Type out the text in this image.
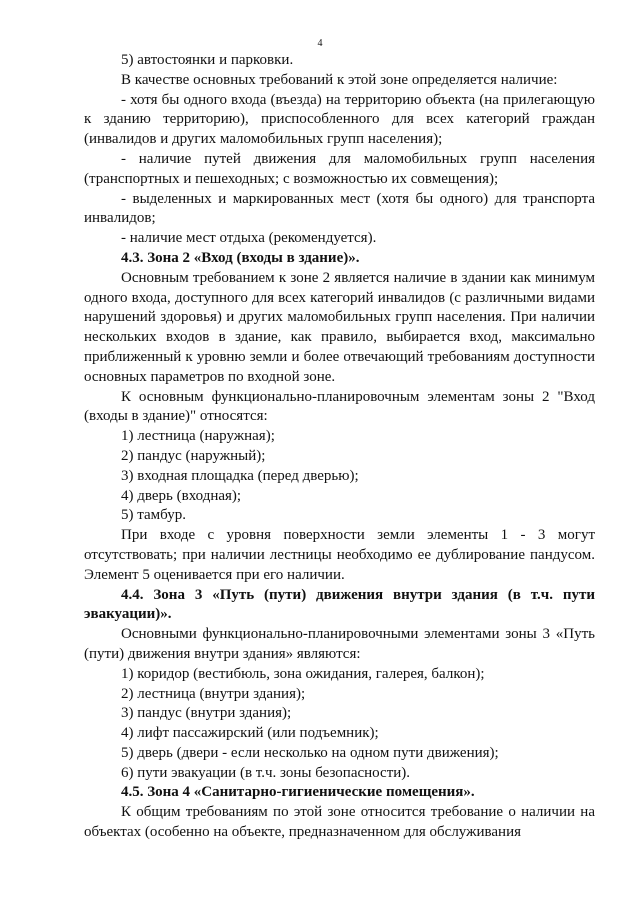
4

5) автостоянки и парковки.

В качестве основных требований к этой зоне определяется наличие:

- хотя бы одного входа (въезда) на территорию объекта (на прилегающую к зданию территорию), приспособленного для всех категорий граждан (инвалидов и других маломобильных групп населения);

- наличие путей движения для маломобильных групп населения (транспортных и пешеходных; с возможностью их совмещения);

- выделенных и маркированных мест (хотя бы одного) для транспорта инвалидов;

- наличие мест отдыха (рекомендуется).

4.3. Зона 2 «Вход (входы в здание)».

Основным требованием к зоне 2 является наличие в здании как минимум одного входа, доступного для всех категорий инвалидов (с различными видами нарушений здоровья) и других маломобильных групп населения. При наличии нескольких входов в здание, как правило, выбирается вход, максимально приближенный к уровню земли и более отвечающий требованиям доступности основных параметров по входной зоне.

К основным функционально-планировочным элементам зоны 2 "Вход (входы в здание)" относятся:

1) лестница (наружная);

2) пандус (наружный);

3) входная площадка (перед дверью);

4) дверь (входная);

5) тамбур.

При входе с уровня поверхности земли элементы 1 - 3 могут отсутствовать; при наличии лестницы необходимо ее дублирование пандусом. Элемент 5 оценивается при его наличии.

4.4. Зона 3 «Путь (пути) движения внутри здания (в т.ч. пути эвакуации)».

Основными функционально-планировочными элементами зоны 3 «Путь (пути) движения внутри здания» являются:

1) коридор (вестибюль, зона ожидания, галерея, балкон);

2) лестница (внутри здания);

3) пандус (внутри здания);

4) лифт пассажирский (или подъемник);

5) дверь (двери - если несколько на одном пути движения);

6) пути эвакуации (в т.ч. зоны безопасности).

4.5. Зона 4 «Санитарно-гигиенические помещения».

К общим требованиям по этой зоне относится требование о наличии на объектах (особенно на объекте, предназначенном для обслуживания
